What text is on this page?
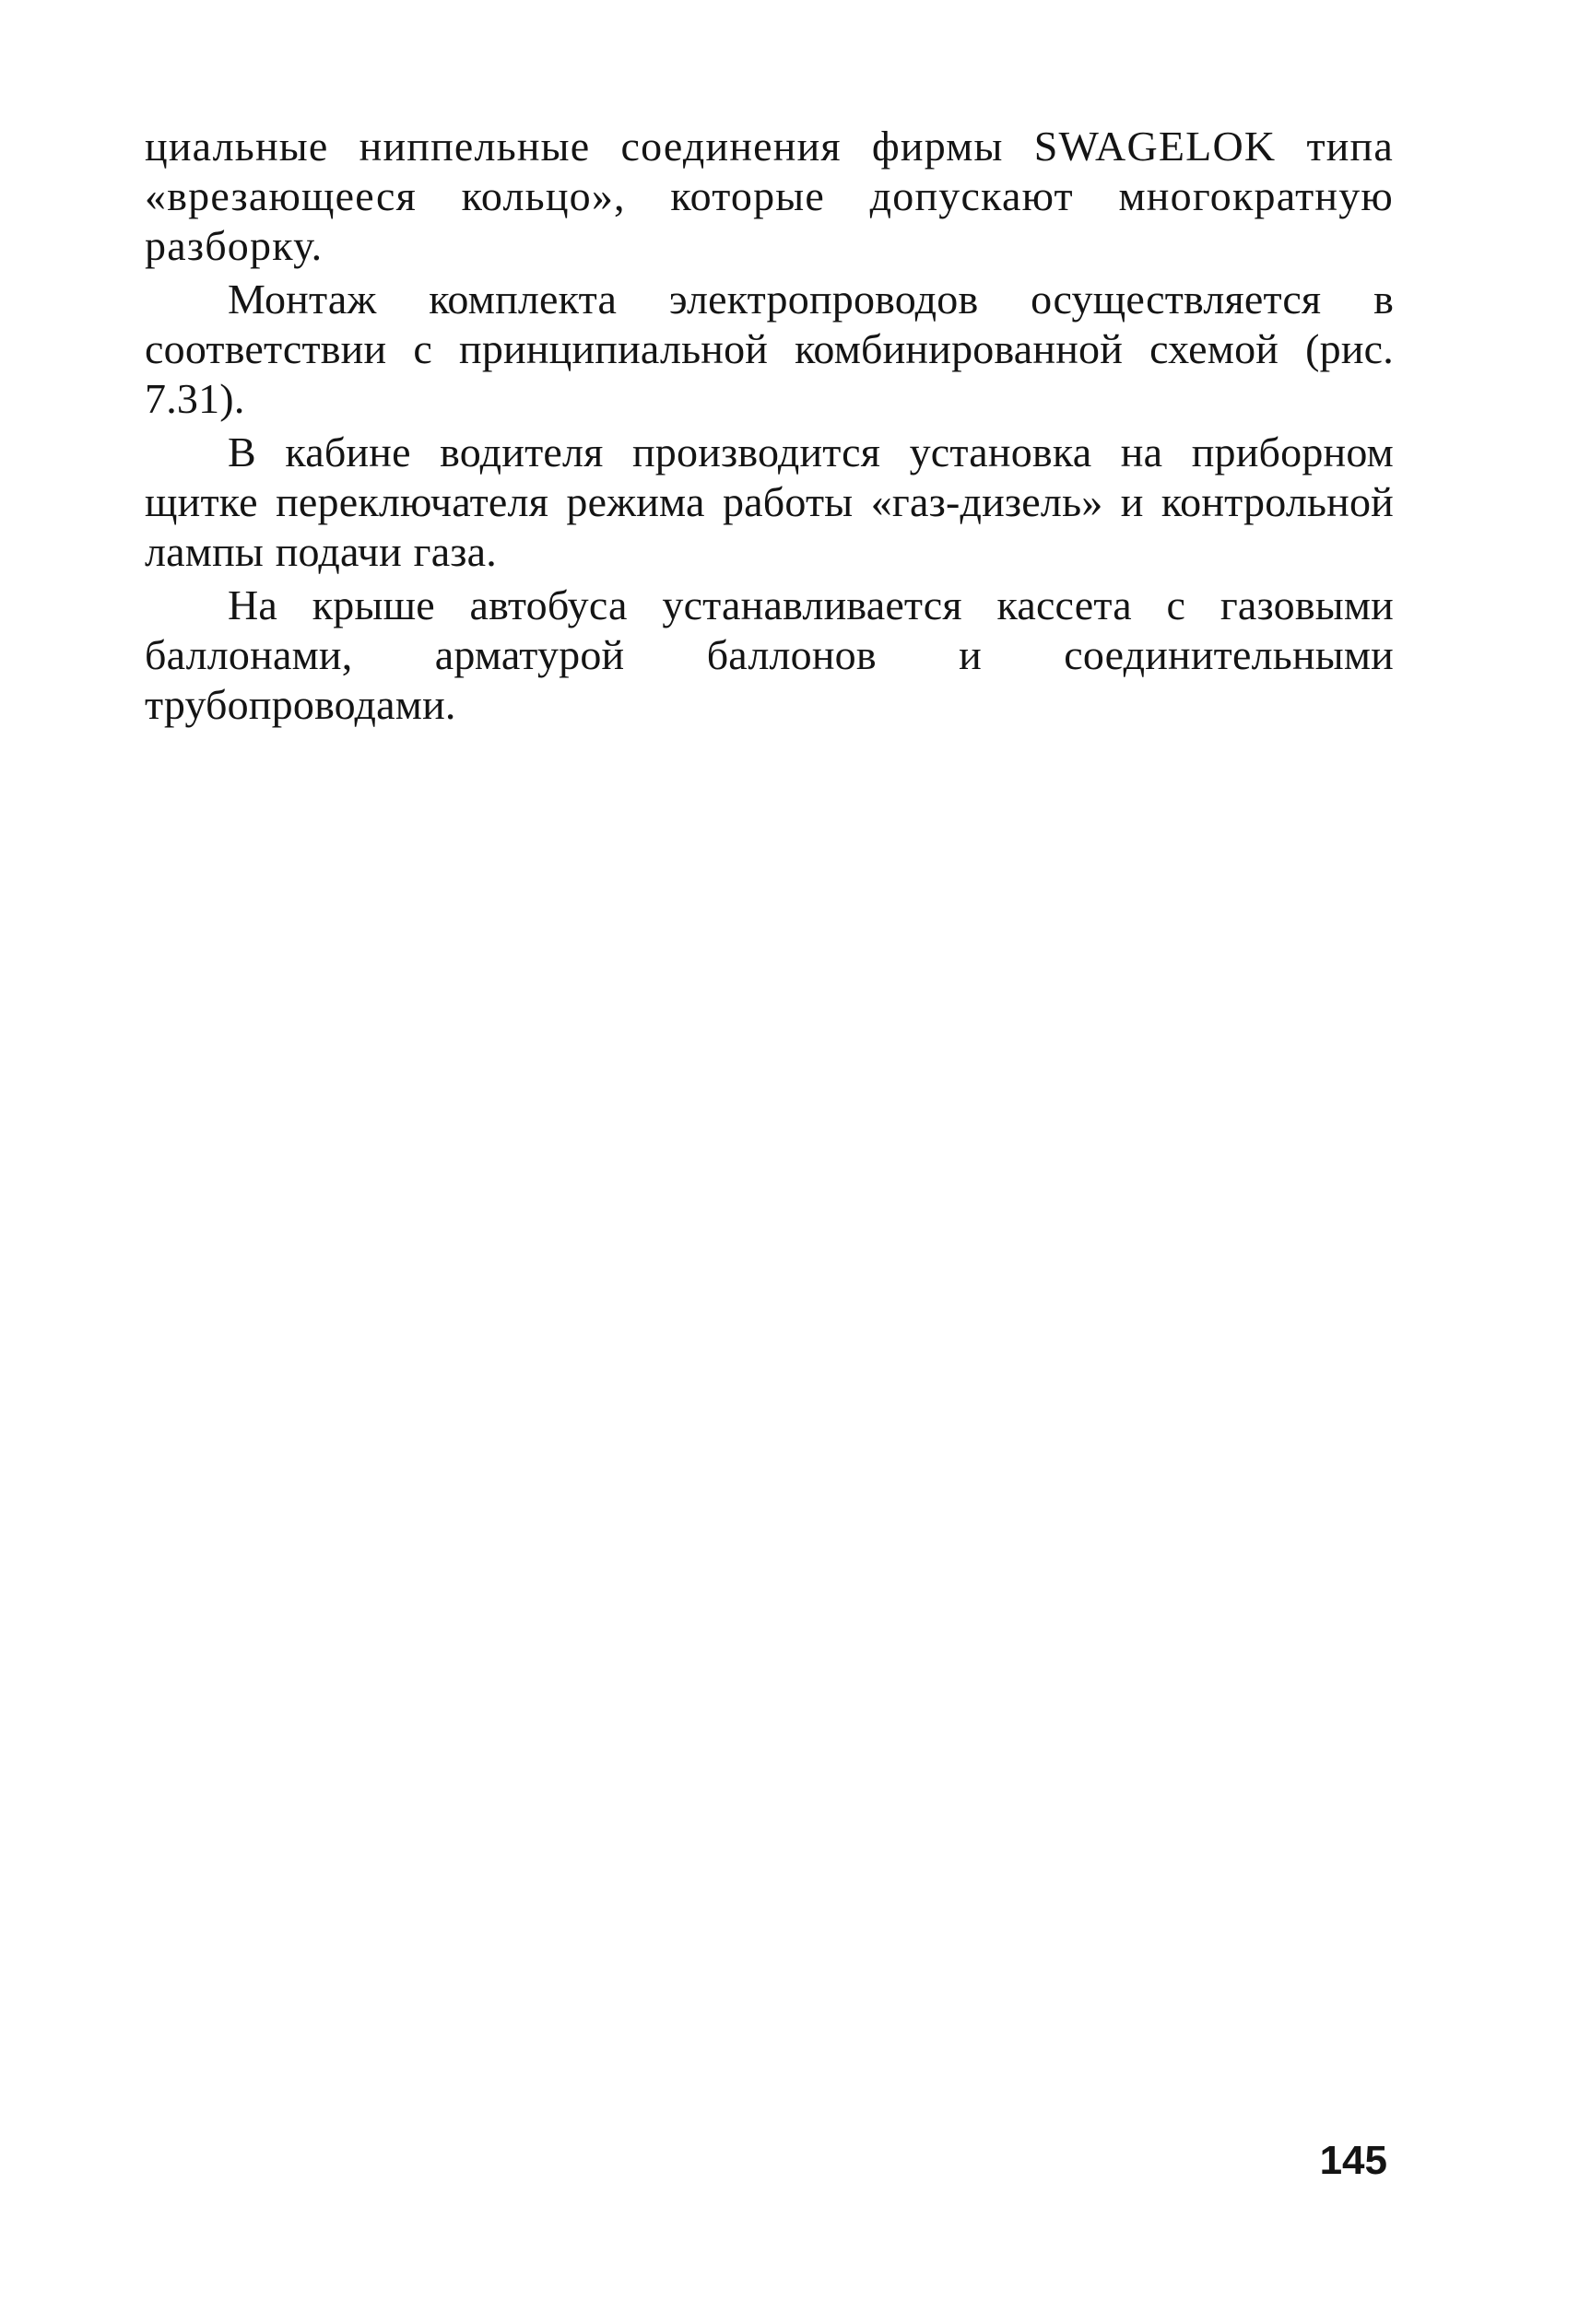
циальные ниппельные соединения фирмы SWAGELOK типа «врезающееся кольцо», которые допускают многократную разборку.

Монтаж комплекта электропроводов осуществляется в соответствии с принципиальной комбинированной схемой (рис. 7.31).

В кабине водителя производится установка на приборном щитке переключателя режима работы «газ-дизель» и контрольной лампы подачи газа.

На крыше автобуса устанавливается кассета с газовыми баллонами, арматурой баллонов и соединительными трубопроводами.

145
